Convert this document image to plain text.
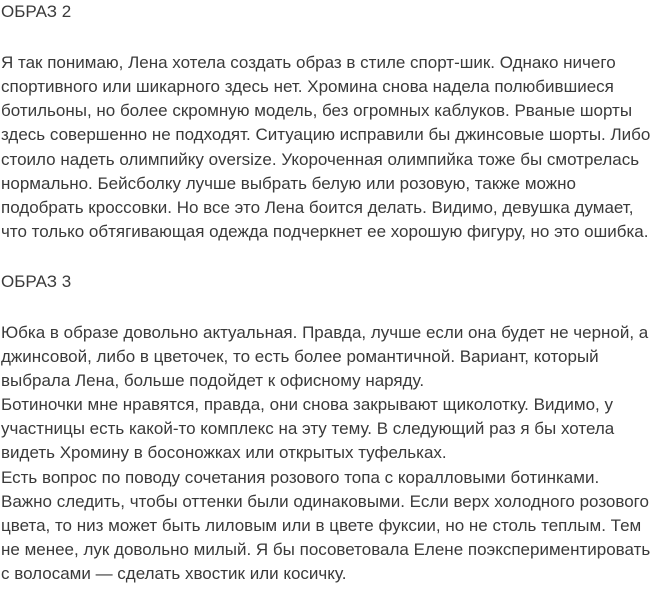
ОБРАЗ 2
Я так понимаю, Лена хотела создать образ в стиле спорт-шик. Однако ничего
спортивного или шикарного здесь нет. Хромина снова надела полюбившиеся
ботильоны, но более скромную модель, без огромных каблуков. Рваные шорты
здесь совершенно не подходят. Ситуацию исправили бы джинсовые шорты. Либо
стоило надеть олимпийку oversize. Укороченная олимпийка тоже бы смотрелась
нормально. Бейсболку лучше выбрать белую или розовую, также можно
подобрать кроссовки. Но все это Лена боится делать. Видимо, девушка думает,
что только обтягивающая одежда подчеркнет ее хорошую фигуру, но это ошибка.
ОБРАЗ 3
Юбка в образе довольно актуальная. Правда, лучше если она будет не черной, а
джинсовой, либо в цветочек, то есть более романтичной. Вариант, который
выбрала Лена, больше подойдет к офисному наряду.
Ботиночки мне нравятся, правда, они снова закрывают щиколотку. Видимо, у
участницы есть какой-то комплекс на эту тему. В следующий раз я бы хотела
видеть Хромину в босоножках или открытых туфельках.
Есть вопрос по поводу сочетания розового топа с коралловыми ботинками.
Важно следить, чтобы оттенки были одинаковыми. Если верх холодного розового
цвета, то низ может быть лиловым или в цвете фуксии, но не столь теплым. Тем
не менее, лук довольно милый. Я бы посоветовала Елене поэкспериментировать
с волосами — сделать хвостик или косичку.
